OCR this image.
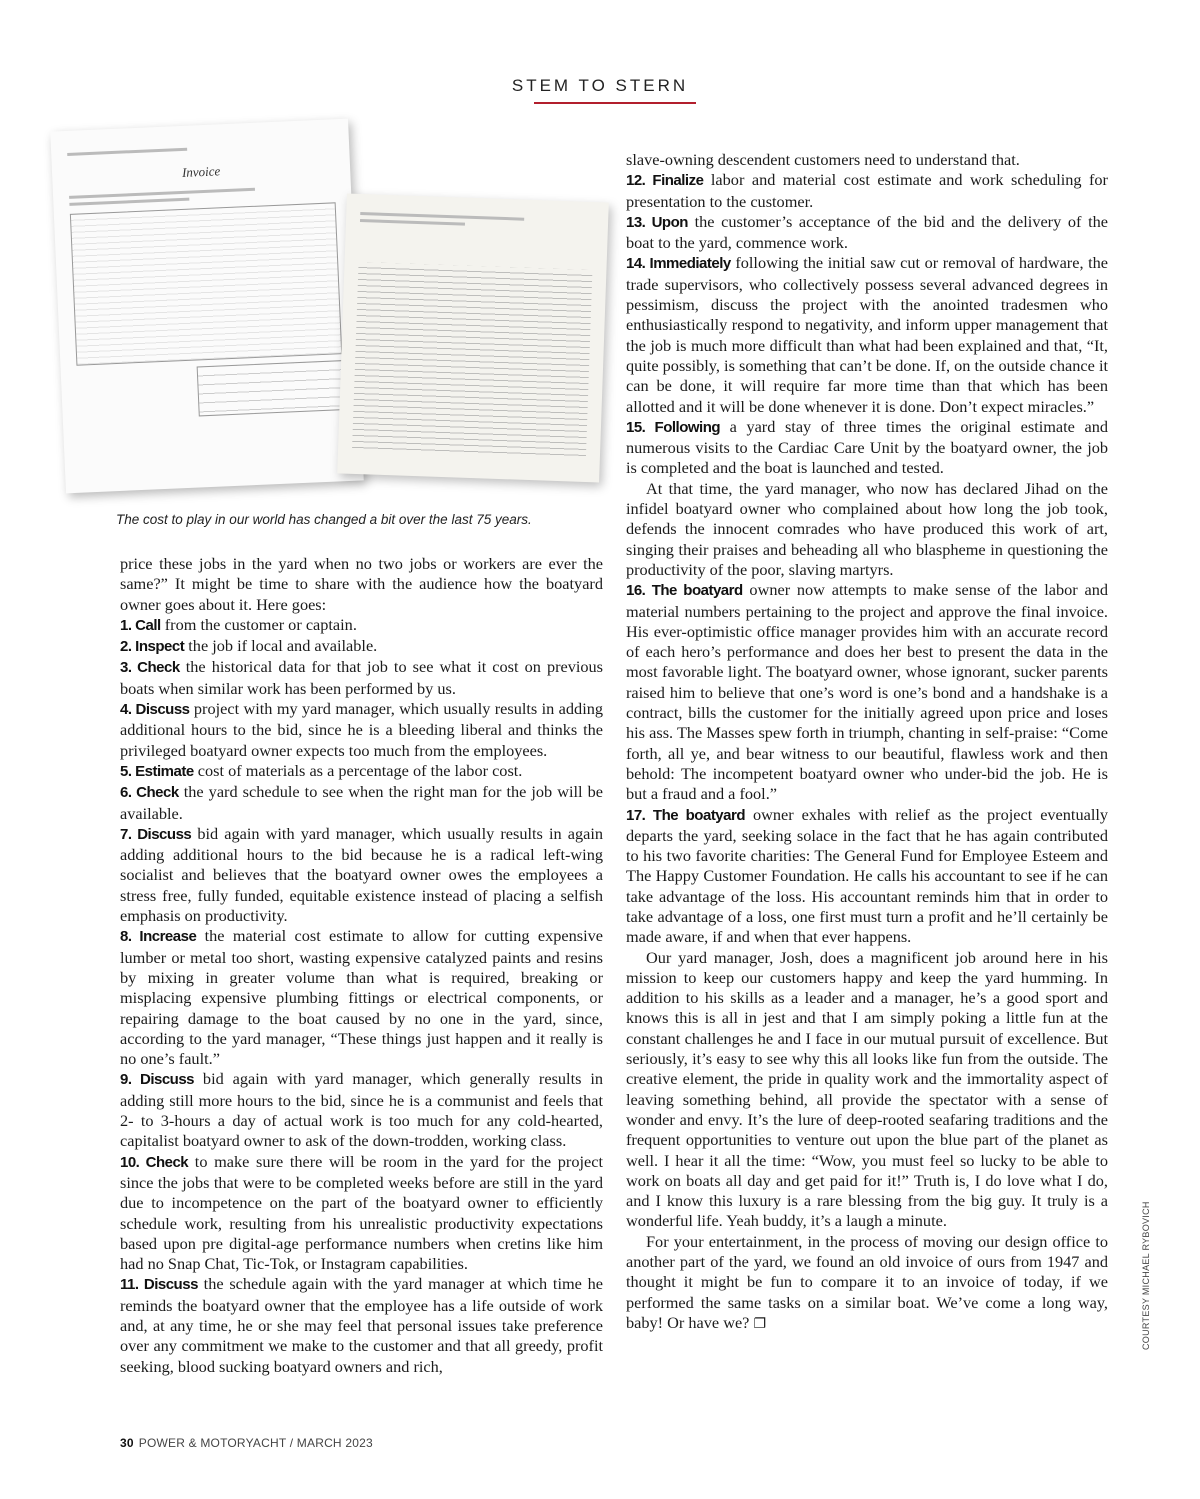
STEM TO STERN
Invoice
The cost to play in our world has changed a bit over the last 75 years.

price these jobs in the yard when no two jobs or workers are ever the same?” It might be time to share with the audience how the boatyard owner goes about it. Here goes:

1. Call from the customer or captain.

2. Inspect the job if local and available.

3. Check the historical data for that job to see what it cost on previous boats when similar work has been performed by us.

4. Discuss project with my yard manager, which usually results in adding additional hours to the bid, since he is a bleeding liberal and thinks the privileged boatyard owner expects too much from the employees.

5. Estimate cost of materials as a percentage of the labor cost.

6. Check the yard schedule to see when the right man for the job will be available.

7. Discuss bid again with yard manager, which usually results in again adding additional hours to the bid because he is a radical left-wing socialist and believes that the boatyard owner owes the employees a stress free, fully funded, equitable existence instead of placing a selfish emphasis on productivity.

8. Increase the material cost estimate to allow for cutting expensive lumber or metal too short, wasting expensive catalyzed paints and resins by mixing in greater volume than what is required, breaking or misplacing expensive plumbing fittings or electrical components, or repairing damage to the boat caused by no one in the yard, since, according to the yard manager, “These things just happen and it really is no one’s fault.”

9. Discuss bid again with yard manager, which generally results in adding still more hours to the bid, since he is a communist and feels that 2- to 3-hours a day of actual work is too much for any cold-hearted, capitalist boatyard owner to ask of the down-trodden, working class.

10. Check to make sure there will be room in the yard for the project since the jobs that were to be completed weeks before are still in the yard due to incompetence on the part of the boatyard owner to efficiently schedule work, resulting from his unrealistic productivity expectations based upon pre digital-age performance numbers when cretins like him had no Snap Chat, Tic-Tok, or Instagram capabilities.

11. Discuss the schedule again with the yard manager at which time he reminds the boatyard owner that the employee has a life outside of work and, at any time, he or she may feel that personal issues take preference over any commitment we make to the customer and that all greedy, profit seeking, blood sucking boatyard owners and rich,

slave-owning descendent customers need to understand that.

12. Finalize labor and material cost estimate and work scheduling for presentation to the customer.

13. Upon the customer’s acceptance of the bid and the delivery of the boat to the yard, commence work.

14. Immediately following the initial saw cut or removal of hardware, the trade supervisors, who collectively possess several advanced degrees in pessimism, discuss the project with the anointed tradesmen who enthusiastically respond to negativity, and inform upper management that the job is much more difficult than what had been explained and that, “It, quite possibly, is something that can’t be done. If, on the outside chance it can be done, it will require far more time than that which has been allotted and it will be done whenever it is done. Don’t expect miracles.”

15. Following a yard stay of three times the original estimate and numerous visits to the Cardiac Care Unit by the boatyard owner, the job is completed and the boat is launched and tested.

At that time, the yard manager, who now has declared Jihad on the infidel boatyard owner who complained about how long the job took, defends the innocent comrades who have produced this work of art, singing their praises and beheading all who blaspheme in questioning the productivity of the poor, slaving martyrs.

16. The boatyard owner now attempts to make sense of the labor and material numbers pertaining to the project and approve the final invoice. His ever-optimistic office manager provides him with an accurate record of each hero’s performance and does her best to present the data in the most favorable light. The boatyard owner, whose ignorant, sucker parents raised him to believe that one’s word is one’s bond and a handshake is a contract, bills the customer for the initially agreed upon price and loses his ass. The Masses spew forth in triumph, chanting in self-praise: “Come forth, all ye, and bear witness to our beautiful, flawless work and then behold: The incompetent boatyard owner who under-bid the job. He is but a fraud and a fool.”

17. The boatyard owner exhales with relief as the project eventually departs the yard, seeking solace in the fact that he has again contributed to his two favorite charities: The General Fund for Employee Esteem and The Happy Customer Foundation. He calls his accountant to see if he can take advantage of the loss. His accountant reminds him that in order to take advantage of a loss, one first must turn a profit and he’ll certainly be made aware, if and when that ever happens.

Our yard manager, Josh, does a magnificent job around here in his mission to keep our customers happy and keep the yard humming. In addition to his skills as a leader and a manager, he’s a good sport and knows this is all in jest and that I am simply poking a little fun at the constant challenges he and I face in our mutual pursuit of excellence. But seriously, it’s easy to see why this all looks like fun from the outside. The creative element, the pride in quality work and the immortality aspect of leaving something behind, all provide the spectator with a sense of wonder and envy. It’s the lure of deep-rooted seafaring traditions and the frequent opportunities to venture out upon the blue part of the planet as well. I hear it all the time: “Wow, you must feel so lucky to be able to work on boats all day and get paid for it!” Truth is, I do love what I do, and I know this luxury is a rare blessing from the big guy. It truly is a wonderful life. Yeah buddy, it’s a laugh a minute.

For your entertainment, in the process of moving our design office to another part of the yard, we found an old invoice of ours from 1947 and thought it might be fun to compare it to an invoice of today, if we performed the same tasks on a similar boat. We’ve come a long way, baby! Or have we? ❐	COURTESY MICHAEL RYBOVICH
30 POWER & MOTORYACHT / MARCH 2023
